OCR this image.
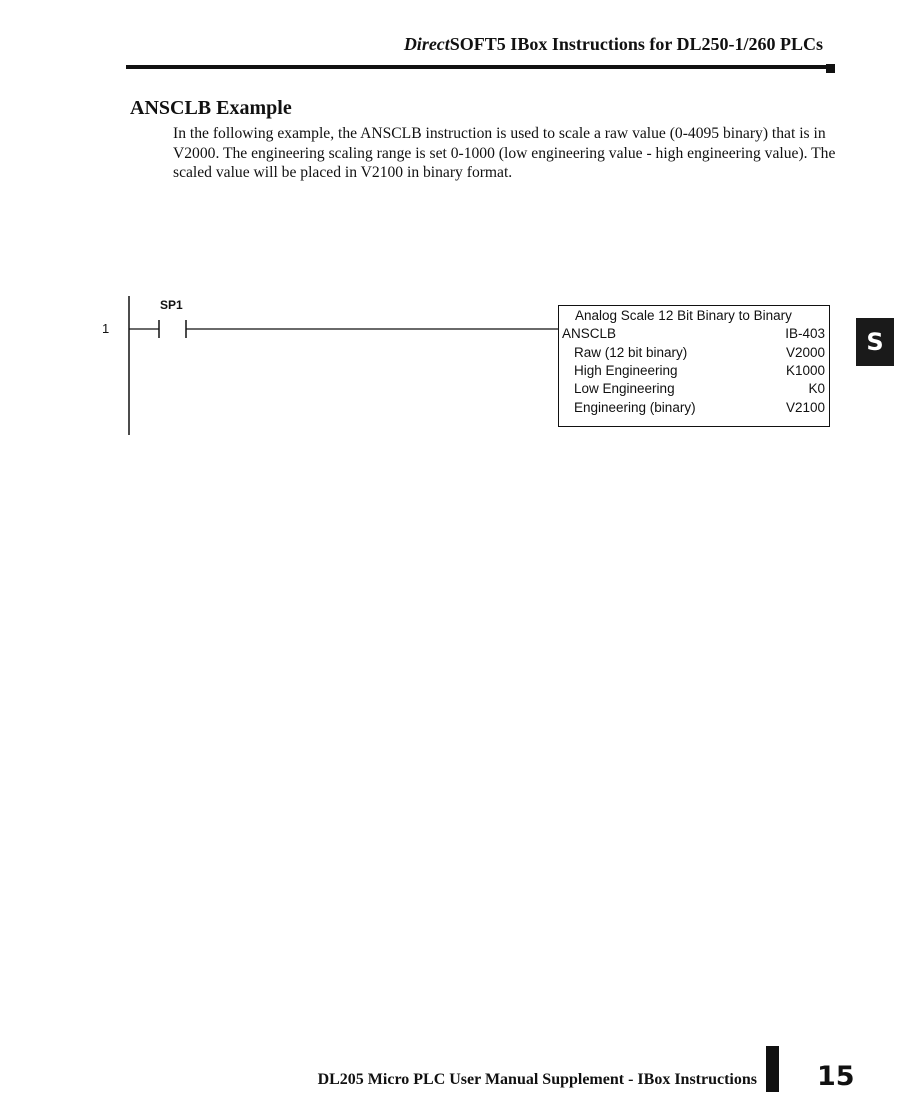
DirectSOFT5 IBox Instructions for DL250-1/260 PLCs
ANSCLB Example

In the following example, the ANSCLB instruction is used to scale a raw value (0-4095 binary) that is in V2000. The engineering scaling range is set 0-1000 (low engineering value - high engineering value). The scaled value will be placed in V2100 in binary format.

S
1
SP1
Analog Scale 12 Bit Binary to Binary
ANSCLB	IB-403
Raw (12 bit binary)	V2000
High Engineering	K1000
Low Engineering	K0
Engineering (binary)	V2100
DL205 Micro PLC User Manual Supplement - IBox Instructions 15
